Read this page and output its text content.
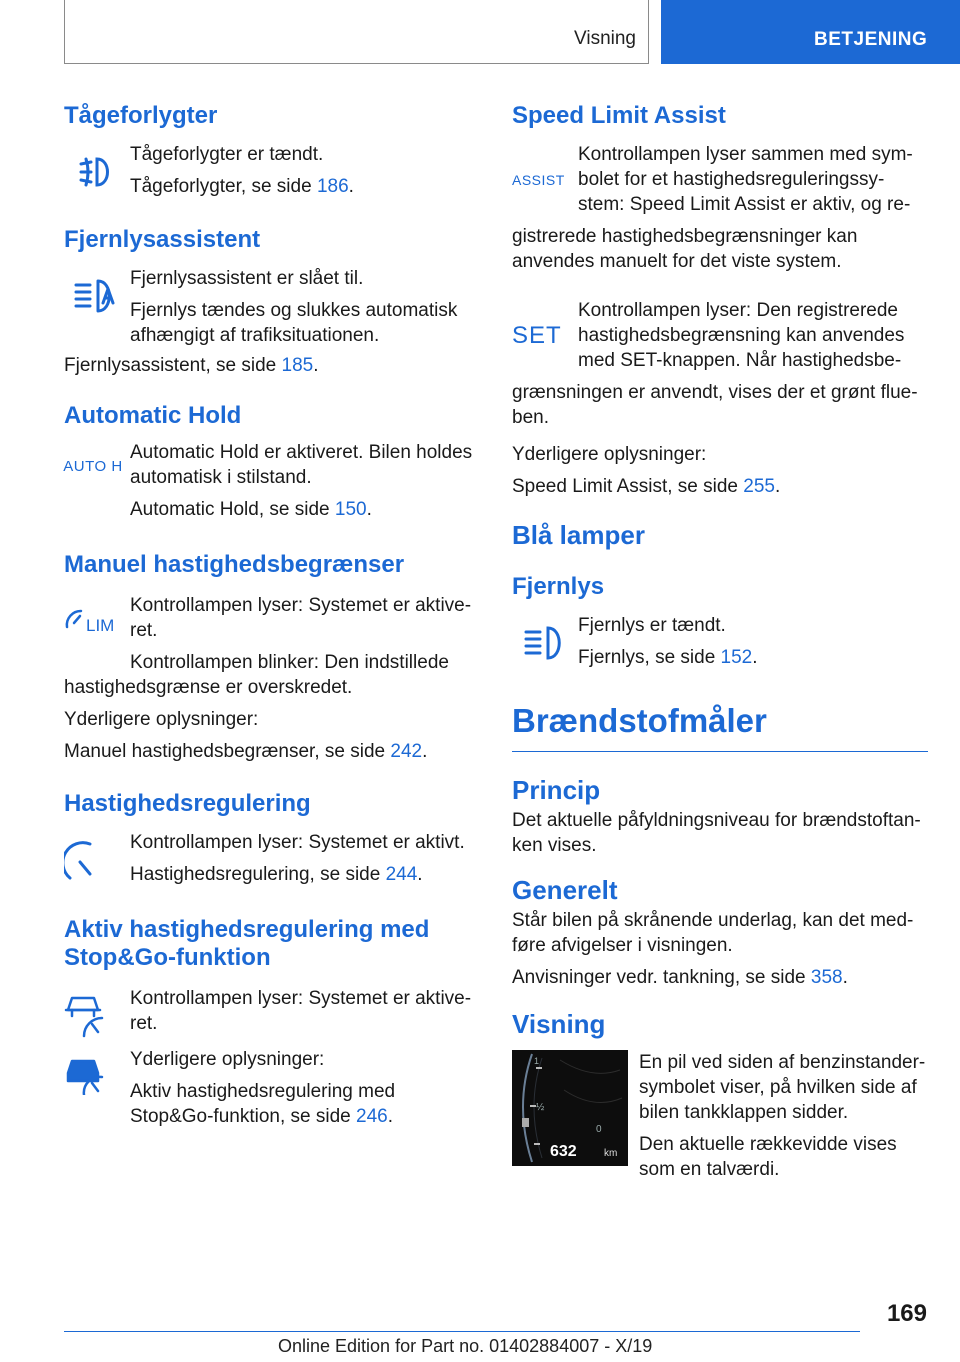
Visning	BETJENING
Tågeforlygter

Tågeforlygter er tændt.

Tågeforlygter, se side 186.

Fjernlysassistent

Fjernlysassistent er slået til.

Fjernlys tændes og slukkes automatisk afhængigt af trafiksituationen.

Fjernlysassistent, se side 185.

Automatic Hold
AUTO H

Automatic Hold er aktiveret. Bilen holdes automatisk i stilstand.

Automatic Hold, se side 150.

Manuel hastighedsbegrænser
LIM

Kontrollampen lyser: Systemet er aktive-ret.

Kontrollampen blinker: Den indstillede

hastighedsgrænse er overskredet.

Yderligere oplysninger:

Manuel hastighedsbegrænser, se side 242.

Hastighedsregulering

Kontrollampen lyser: Systemet er aktivt.

Hastighedsregulering, se side 244.

Aktiv hastighedsregulering med Stop&Go-funktion

Kontrollampen lyser: Systemet er aktive-ret.

Yderligere oplysninger:

Aktiv hastighedsregulering med Stop&Go-funktion, se side 246.

Speed Limit Assist
ASSIST

Kontrollampen lyser sammen med sym-bolet for et hastighedsreguleringssy-stem: Speed Limit Assist er aktiv, og re-

gistrerede hastighedsbegrænsninger kan anvendes manuelt for det viste system.

SET

Kontrollampen lyser: Den registrerede hastighedsbegrænsning kan anvendes med SET-knappen. Når hastighedsbe-

grænsningen er anvendt, vises der et grønt flue-ben.

Yderligere oplysninger:

Speed Limit Assist, se side 255.

Blå lamper
Fjernlys

Fjernlys er tændt.

Fjernlys, se side 152.

Brændstofmåler
Princip

Det aktuelle påfyldningsniveau for brændstoftan-ken vises.

Generelt

Står bilen på skrånende underlag, kan det med-føre afvigelser i visningen.

Anvisninger vedr. tankning, se side 358.

Visning
1
½
0
632	km

En pil ved siden af benzinstander-symbolet viser, på hvilken side af bilen tankklappen sidder.

Den aktuelle rækkevidde vises som en talværdi.

169
Online Edition for Part no. 01402884007 - X/19
